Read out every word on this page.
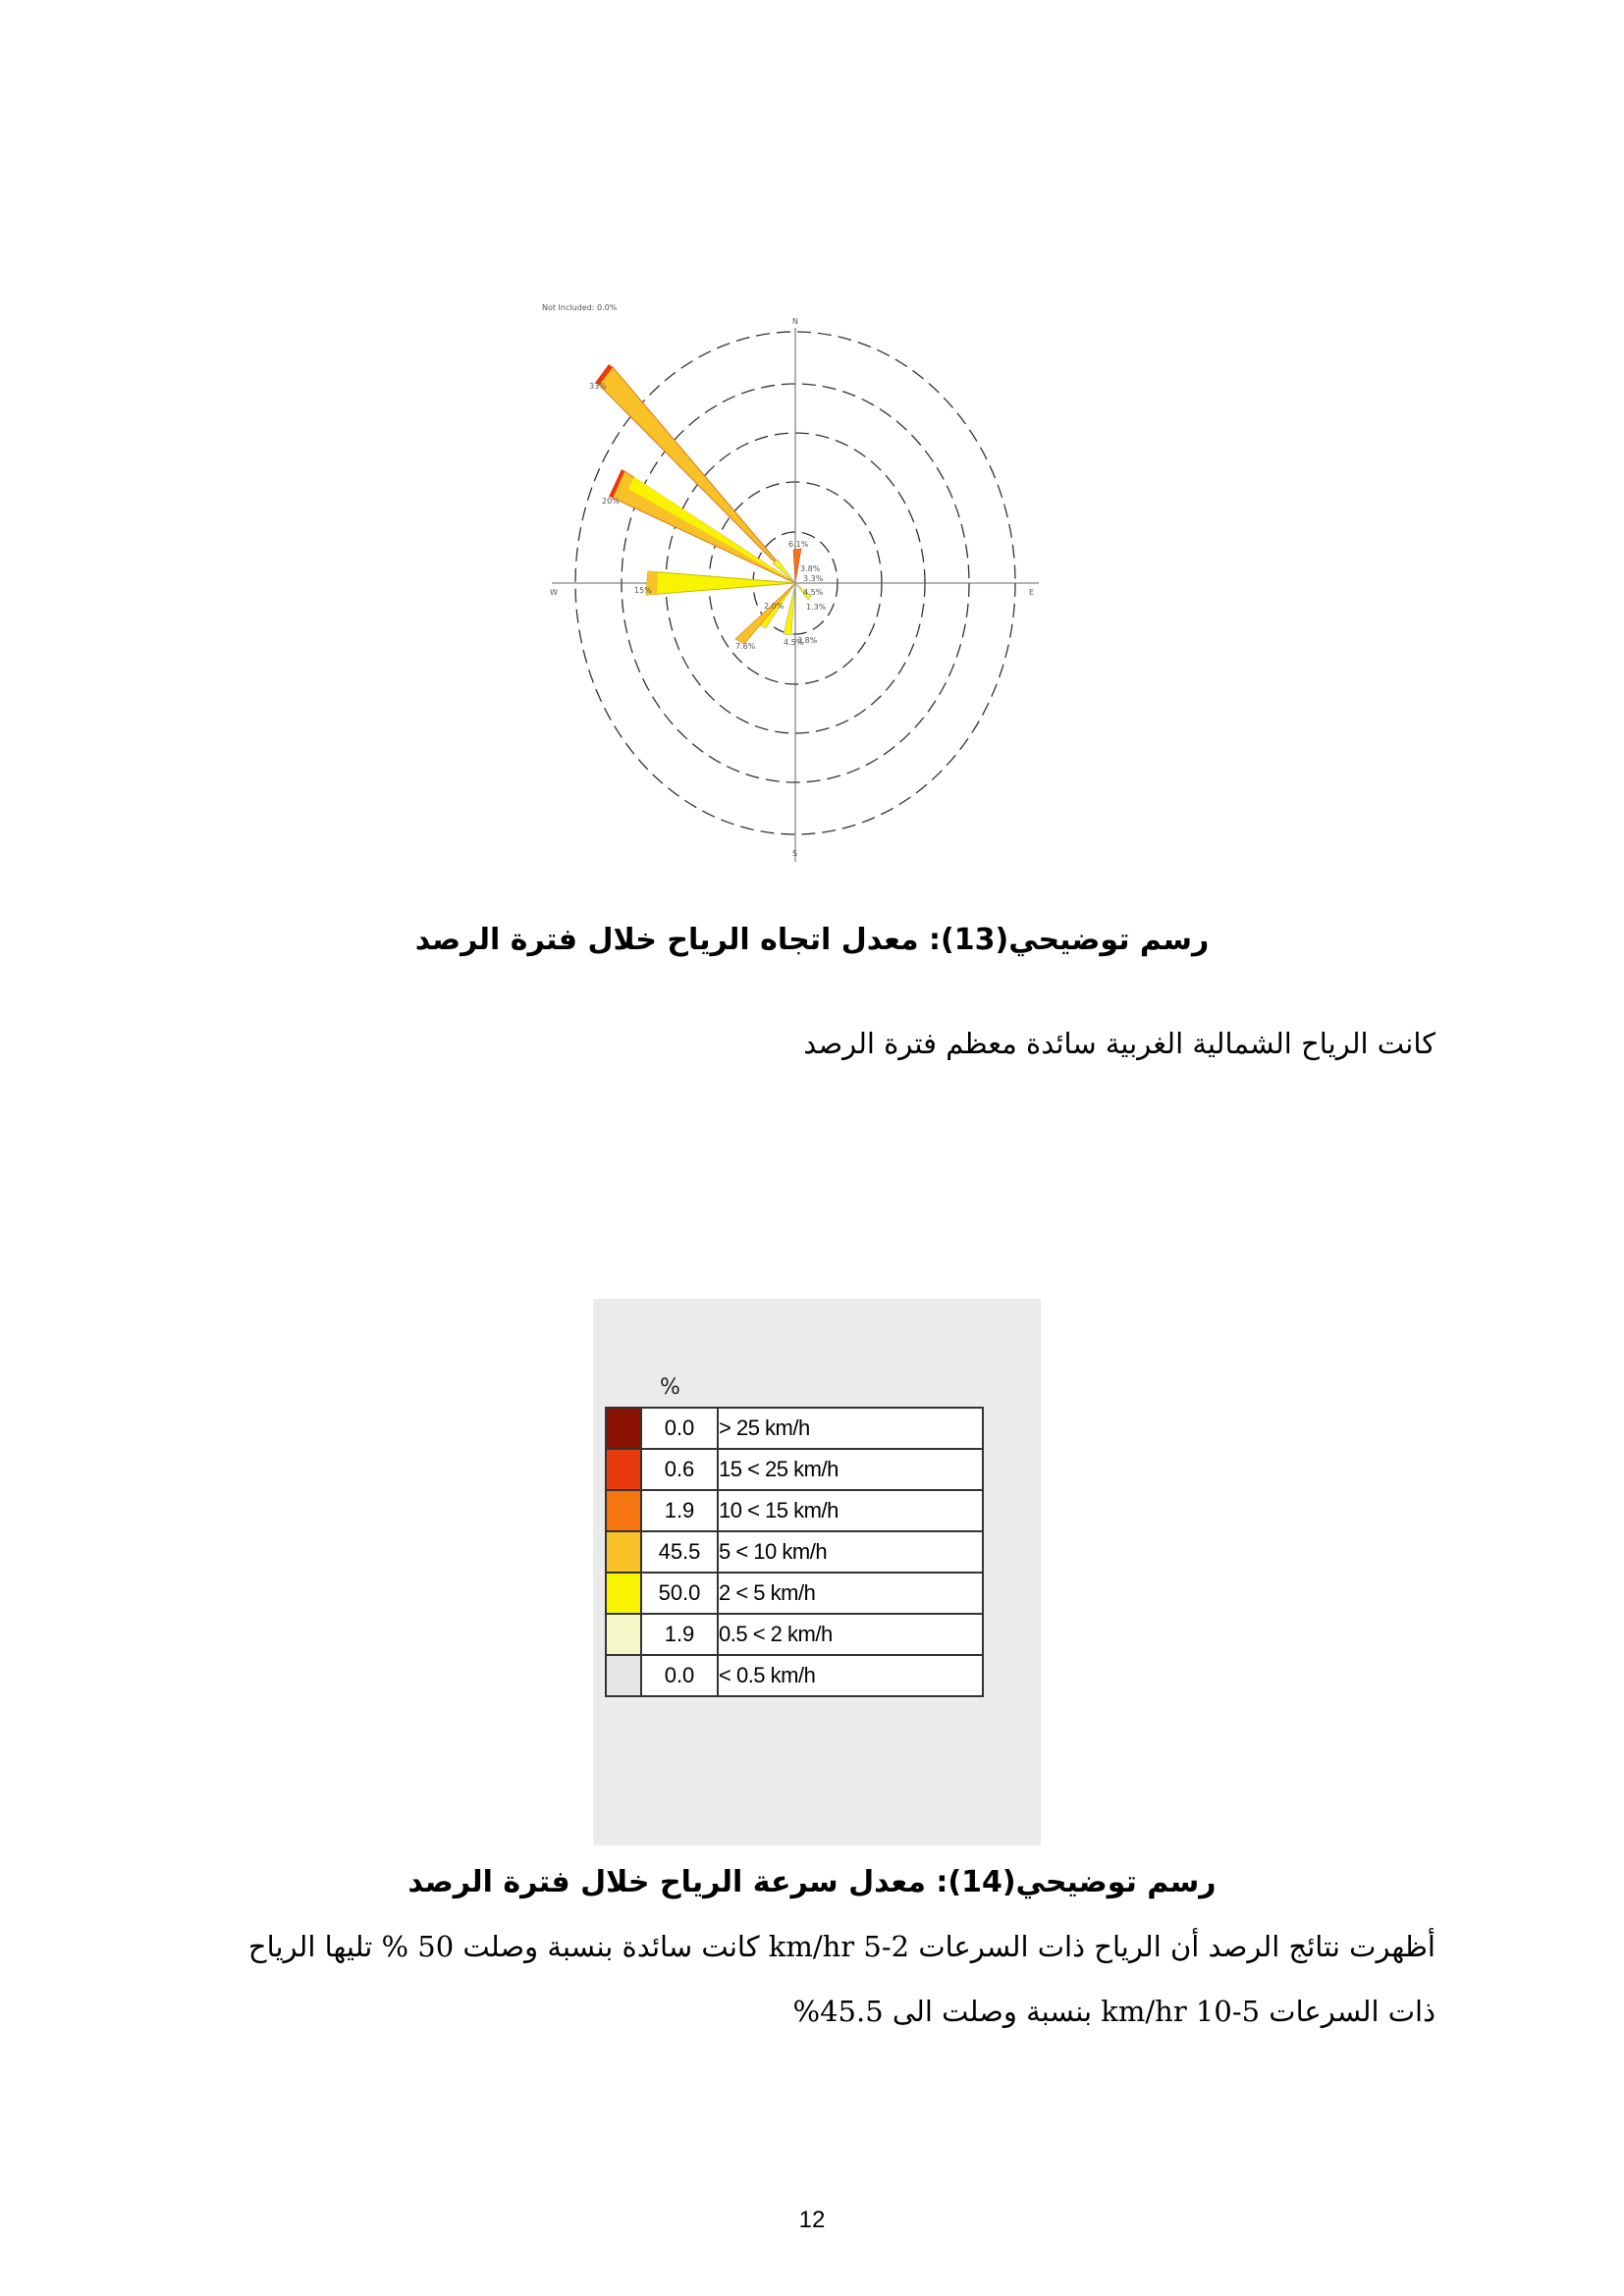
Not Included: 0.0%
N
S
W	E
33%
20%
15%
6.1%
3.8%
3.3%
4.5%
1.3%
2.0%
7.6%	4.5%
3.8%

رسم توضيحي(13): معدل اتجاه الرياح خلال فترة الرصد

كانت الرياح الشمالية الغربية سائدة معظم فترة الرصد

%
	0.0	> 25 km/h
	0.6	15 < 25 km/h
	1.9	10 < 15 km/h
	45.5	5 < 10 km/h
	50.0	2 < 5 km/h
	1.9	0.5 < 2 km/h
	0.0	< 0.5 km/h

رسم توضيحي(14): معدل سرعة الرياح خلال فترة الرصد

أظهرت نتائج الرصد أن الرياح ذات السرعات 2-5 km/hr كانت سائدة بنسبة وصلت 50 % تليها الرياح ذات السرعات 5-10 km/hr بنسبة وصلت الى 45.5%

12
